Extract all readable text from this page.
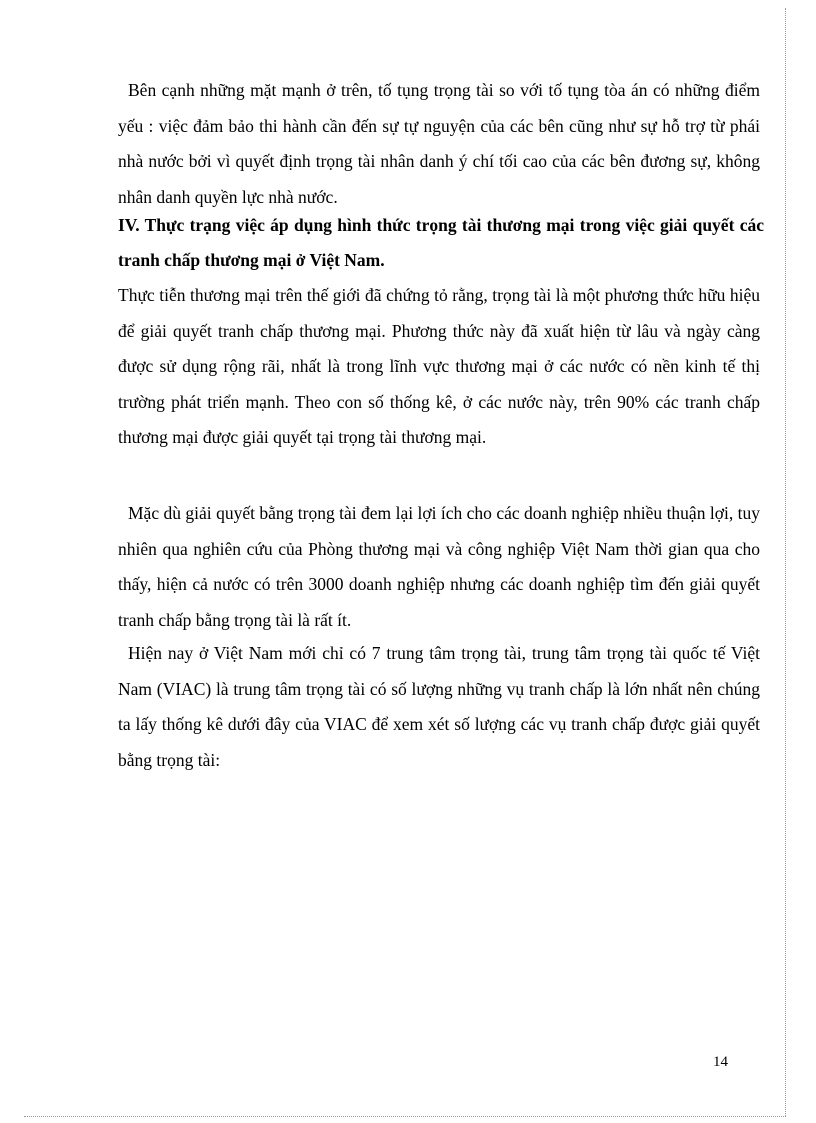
Bên cạnh những mặt mạnh ở trên, tố tụng trọng tài so với tố tụng tòa án có những điểm yếu : việc đảm bảo thi hành cần đến sự tự nguyện của các bên cũng như sự hỗ trợ từ phái nhà nước bởi vì quyết định trọng tài nhân danh ý chí tối cao của các bên đương sự, không nhân danh quyền lực nhà nước.

IV. Thực trạng việc áp dụng hình thức trọng tài thương mại trong việc giải quyết các tranh chấp thương mại ở Việt Nam.

Thực tiễn thương mại trên thế giới đã chứng tỏ rằng, trọng tài là một phương thức hữu hiệu để giải quyết tranh chấp thương mại. Phương thức này đã xuất hiện từ lâu và ngày càng được sử dụng rộng rãi, nhất là trong lĩnh vực thương mại ở các nước có nền kinh tế thị trường phát triển mạnh. Theo con số thống kê, ở các nước này, trên 90% các tranh chấp thương mại được giải quyết tại trọng tài thương mại.

Mặc dù giải quyết bằng trọng tài đem lại lợi ích cho các doanh nghiệp nhiều thuận lợi, tuy nhiên qua nghiên cứu của Phòng thương mại và công nghiệp Việt Nam thời gian qua cho thấy, hiện cả nước có trên 3000 doanh nghiệp nhưng các doanh nghiệp tìm đến giải quyết tranh chấp bằng trọng tài là rất ít.

Hiện nay ở Việt Nam mới chỉ có 7 trung tâm trọng tài, trung tâm trọng tài quốc tế Việt Nam (VIAC) là trung tâm trọng tài có số lượng những vụ tranh chấp là lớn nhất nên chúng ta lấy thống kê dưới đây của VIAC để xem xét số lượng các vụ tranh chấp được giải quyết bằng trọng tài:

14
